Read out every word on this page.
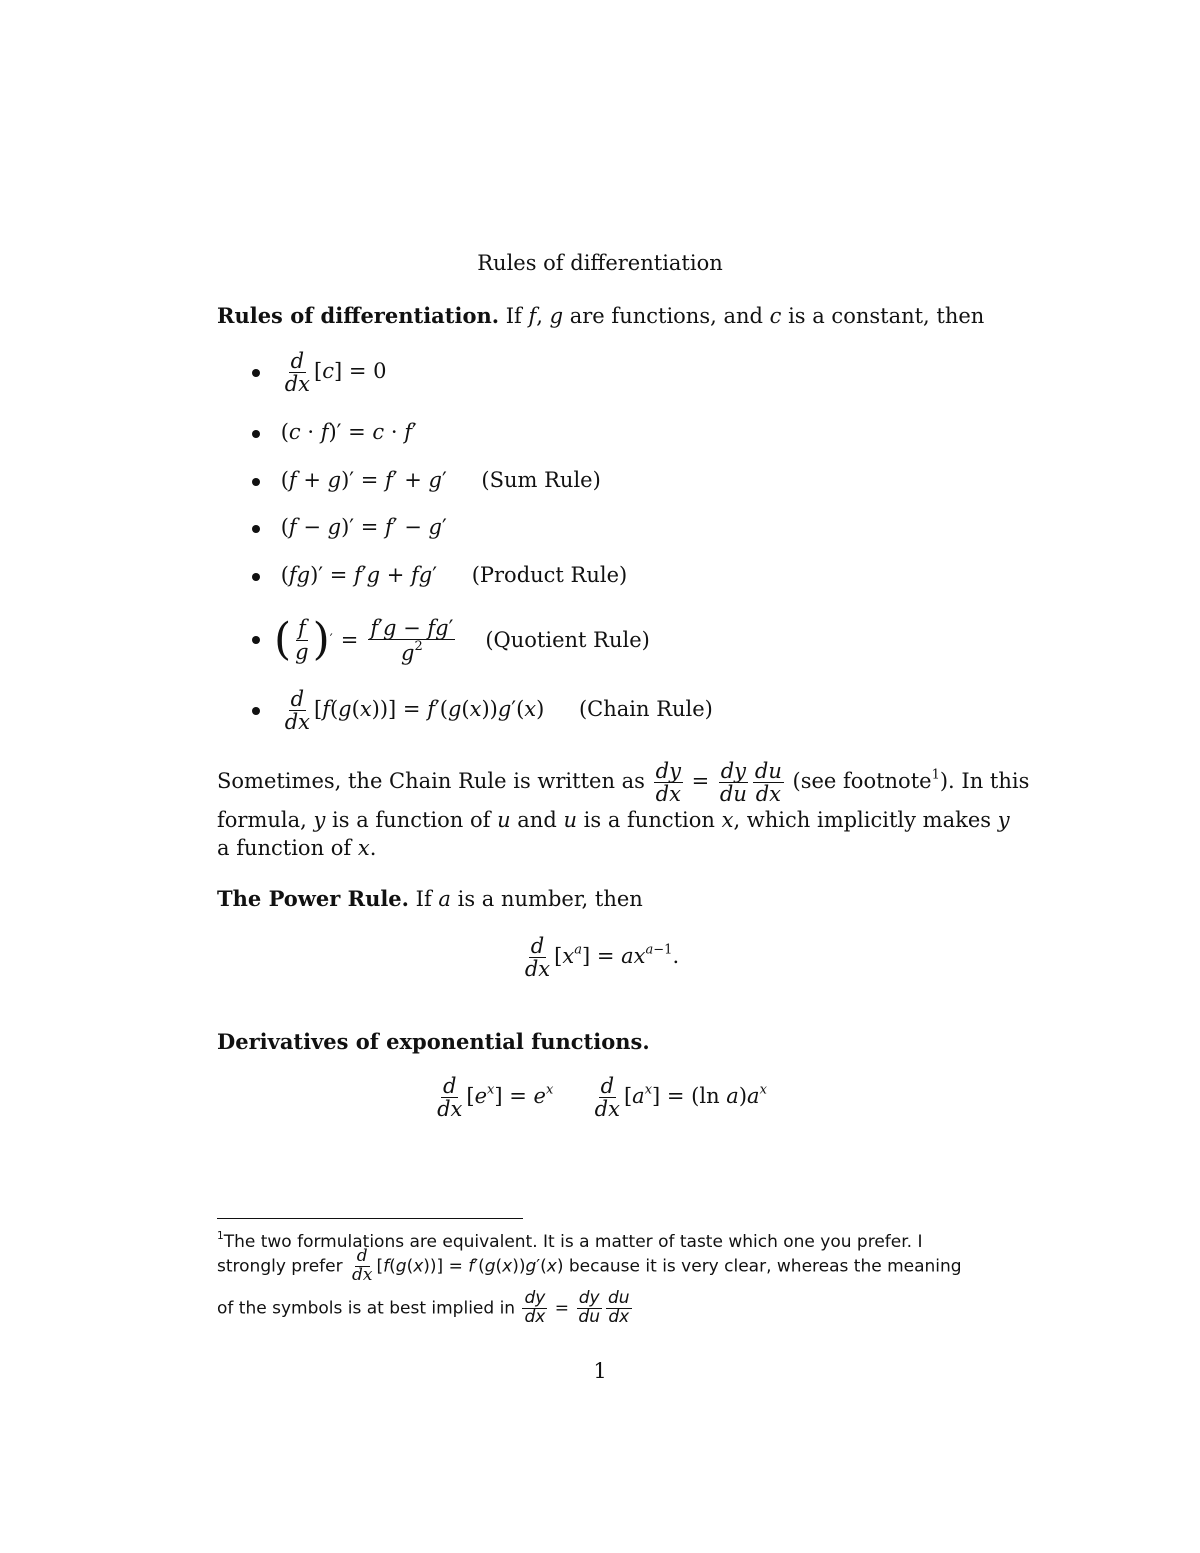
Rules of differentiation
Rules of differentiation. If f, g are functions, and c is a constant, then

$\frac{d}{dx} [c] = 0$
(c · f)′ = c · f′
(f + g)′ = f′ + g′ (Sum Rule)
(f − g)′ = f′ − g′
(fg)′ = f′g + fg′ (Product Rule)
( $\frac{f}{g}$ ) ′ = $\frac{f'g - fg'}{g^2}$ (Quotient Rule)

$\frac{d}{dx} [f(g(x))] = f'(g(x))g'(x)$ (Chain Rule)
Sometimes, the Chain Rule is written as $\frac{dy}{dx} = \frac{dy}{du} \frac{du}{dx} (see$ footnote$^1$). In this
formula, y is a function of u and u is a function x, which implicitly makes y
a function of x.
The Power Rule. If a is a number, then
$\frac{d}{dx} [x^a] = ax^{a-1}$.
Derivatives of exponential functions.
$\frac{d}{dx} [e^x] = e^x \frac{d}{dx} [a^x] = (\ln$ $a)a^x$
$^1$The two formulations are equivalent. It is a matter of taste which one you prefer. I
strongly prefer $\frac{d}{dx} [f(g(x))] = f'(g(x))g'(x)$ because it is very clear, whereas the meaning
of the symbols is at best implied in $\frac{dy}{dx} = \frac{dy}{du} \frac{du}{dx}$
1
